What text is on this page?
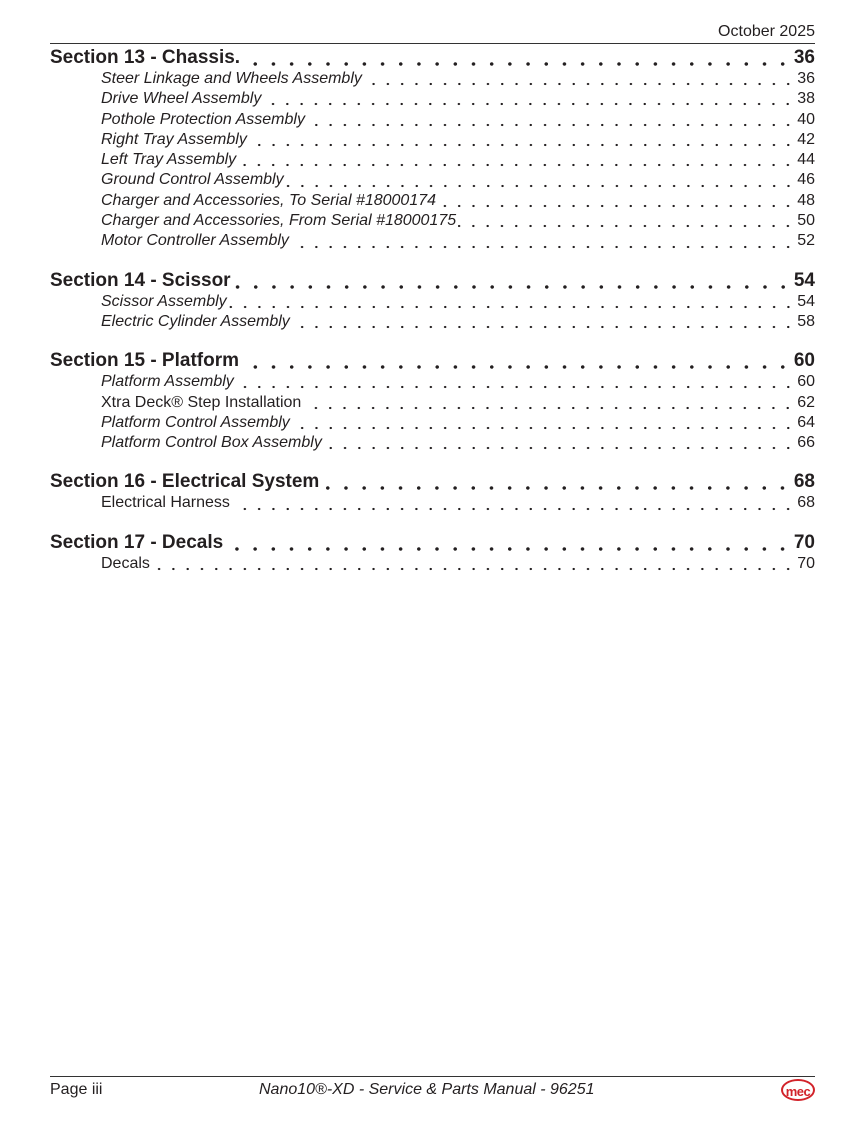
October 2025
Section 13 - Chassis.	36
Steer Linkage and Wheels Assembly	36
Drive Wheel Assembly	38
Pothole Protection Assembly	40
Right Tray Assembly	42
Left Tray Assembly	44
Ground Control Assembly	46
Charger and Accessories, To Serial #18000174	48
Charger and Accessories, From Serial #18000175	50
Motor Controller Assembly	52
Section 14 - Scissor	54
Scissor Assembly	54
Electric Cylinder Assembly	58
Section 15 - Platform	60
Platform Assembly	60
Xtra Deck® Step Installation	62
Platform Control Assembly	64
Platform Control Box Assembly	66
Section 16 - Electrical System	68
Electrical Harness	68
Section 17 - Decals	70
Decals	70
Page iii	Nano10®-XD - Service & Parts Manual - 96251	mec
